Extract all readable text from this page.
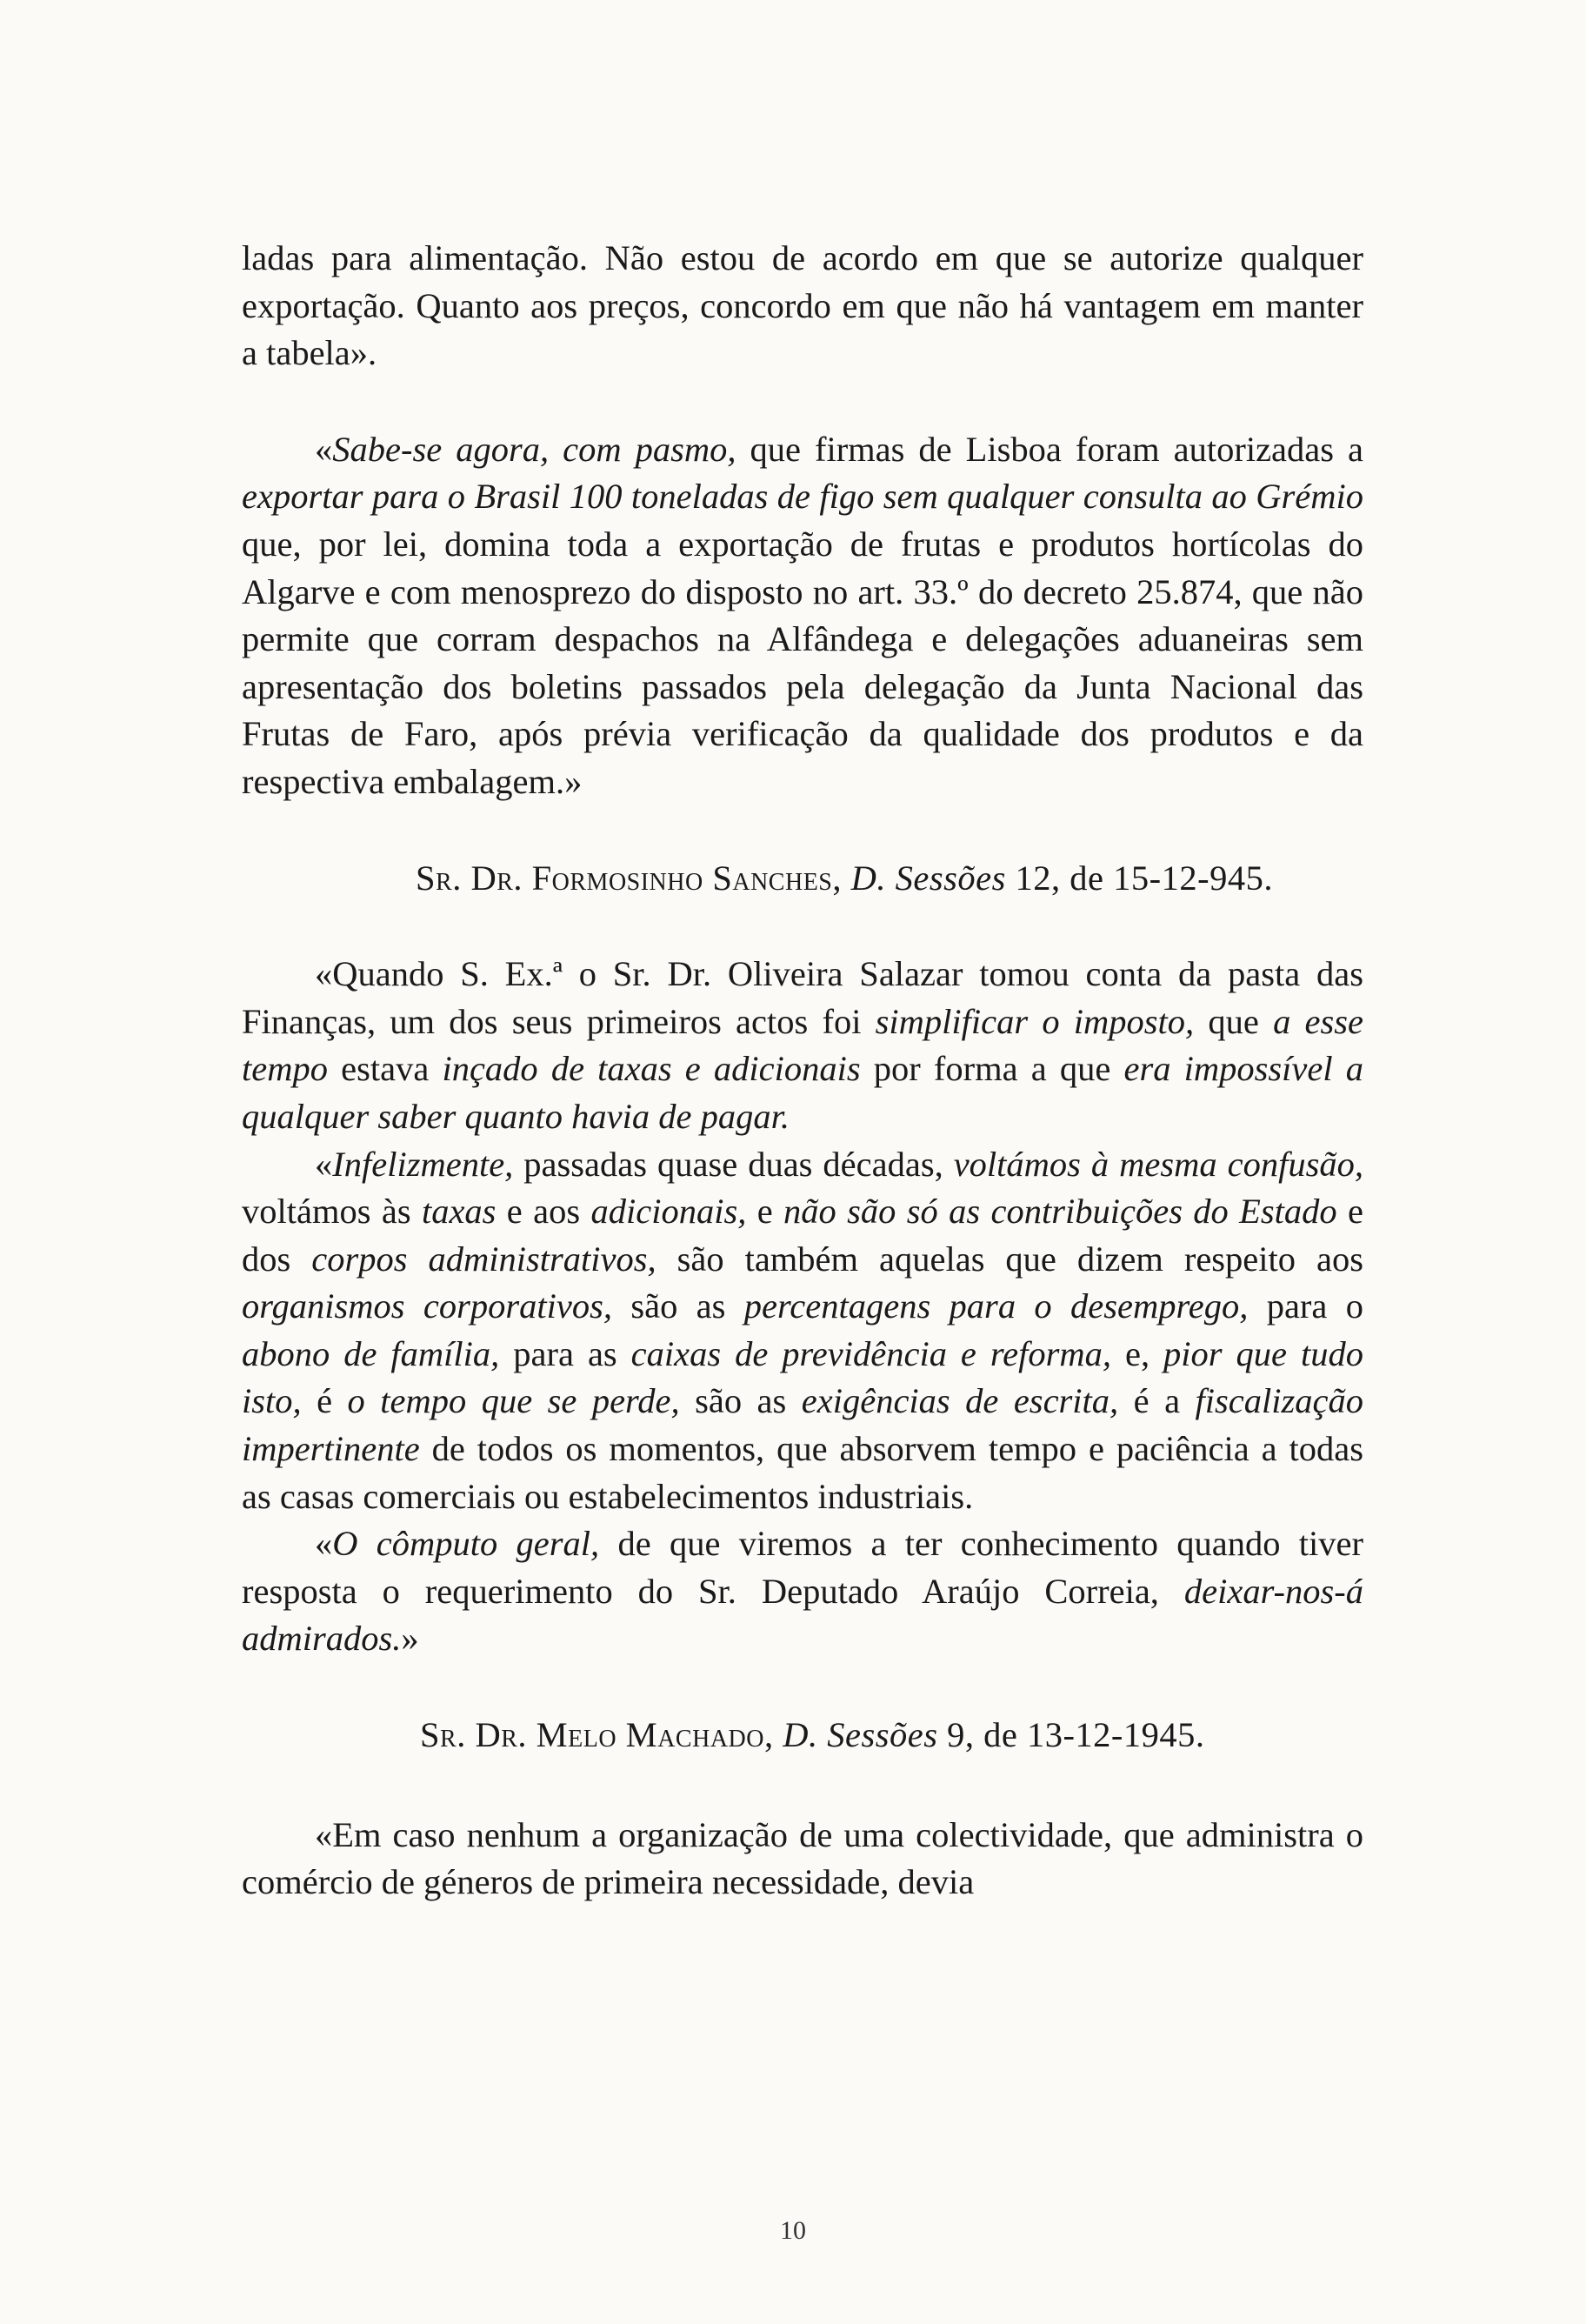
ladas para alimentação. Não estou de acordo em que se autorize qualquer exportação. Quanto aos preços, concordo em que não há vantagem em manter a tabela».

«Sabe-se agora, com pasmo, que firmas de Lisboa foram autorizadas a exportar para o Brasil 100 toneladas de figo sem qualquer consulta ao Grémio que, por lei, domina toda a exportação de frutas e produtos hortícolas do Algarve e com menosprezo do disposto no art. 33.º do decreto 25.874, que não permite que corram despachos na Alfândega e delegações aduaneiras sem apresentação dos boletins passados pela delegação da Junta Nacional das Frutas de Faro, após prévia verificação da qualidade dos produtos e da respectiva embalagem.»

Sr. Dr. Formosinho Sanches, D. Sessões 12, de 15-12-945.

«Quando S. Ex.ª o Sr. Dr. Oliveira Salazar tomou conta da pasta das Finanças, um dos seus primeiros actos foi simplificar o imposto, que a esse tempo estava inçado de taxas e adicionais por forma a que era impossível a qualquer saber quanto havia de pagar.

«Infelizmente, passadas quase duas décadas, voltámos à mesma confusão, voltámos às taxas e aos adicionais, e não são só as contribuições do Estado e dos corpos administrativos, são também aquelas que dizem respeito aos organismos corporativos, são as percentagens para o desemprego, para o abono de família, para as caixas de previdência e reforma, e, pior que tudo isto, é o tempo que se perde, são as exigências de escrita, é a fiscalização impertinente de todos os momentos, que absorvem tempo e paciência a todas as casas comerciais ou estabelecimentos industriais.

«O cômputo geral, de que viremos a ter conhecimento quando tiver resposta o requerimento do Sr. Deputado Araújo Correia, deixar-nos-á admirados.»

Sr. Dr. Melo Machado, D. Sessões 9, de 13-12-1945.

«Em caso nenhum a organização de uma colectividade, que administra o comércio de géneros de primeira necessidade, devia

10
